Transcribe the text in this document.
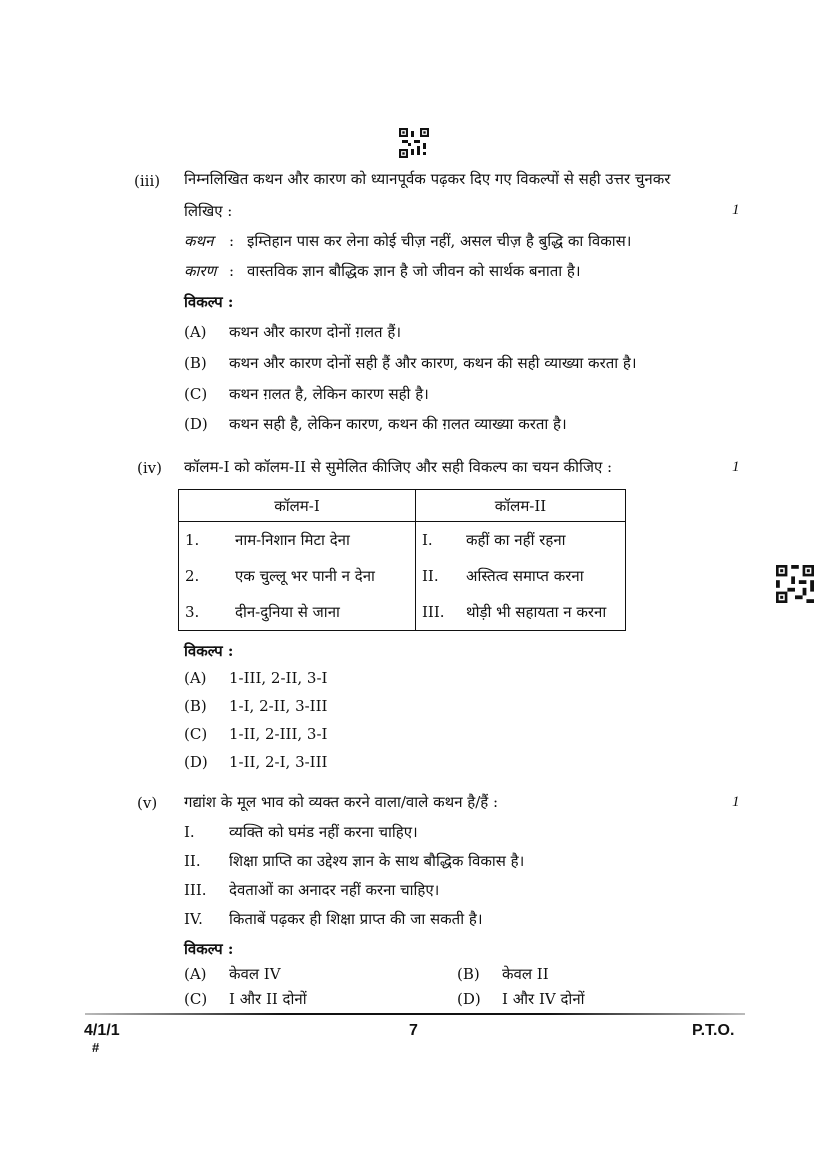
(iii) निम्नलिखित कथन और कारण को ध्यानपूर्वक पढ़कर दिए गए विकल्पों से सही उत्तर चुनकर
लिखिए :	1
कथन : इम्तिहान पास कर लेना कोई चीज़ नहीं, असल चीज़ है बुद्धि का विकास।
कारण : वास्तविक ज्ञान बौद्धिक ज्ञान है जो जीवन को सार्थक बनाता है।
विकल्प :
(A) कथन और कारण दोनों ग़लत हैं।
(B) कथन और कारण दोनों सही हैं और कारण, कथन की सही व्याख्या करता है।
(C) कथन ग़लत है, लेकिन कारण सही है।
(D) कथन सही है, लेकिन कारण, कथन की ग़लत व्याख्या करता है।
(iv) कॉलम-I को कॉलम-II से सुमेलित कीजिए और सही विकल्प का चयन कीजिए :	1
कॉलम-I	कॉलम-II
1. नाम-निशान मिटा देना	I. कहीं का नहीं रहना
2. एक चुल्लू भर पानी न देना	II. अस्तित्व समाप्त करना
3. दीन-दुनिया से जाना	III. थोड़ी भी सहायता न करना
विकल्प :
(A) 1-III, 2-II, 3-I
(B) 1-I, 2-II, 3-III
(C) 1-II, 2-III, 3-I
(D) 1-II, 2-I, 3-III
(v) गद्यांश के मूल भाव को व्यक्त करने वाला/वाले कथन है/हैं :	1
I. व्यक्ति को घमंड नहीं करना चाहिए।
II. शिक्षा प्राप्ति का उद्देश्य ज्ञान के साथ बौद्धिक विकास है।
III. देवताओं का अनादर नहीं करना चाहिए।
IV. किताबें पढ़कर ही शिक्षा प्राप्त की जा सकती है।
विकल्प :
(A) केवल IV	(B) केवल II
(C) I और II दोनों	(D) I और IV दोनों
4/1/1
#
7	P.T.O.
